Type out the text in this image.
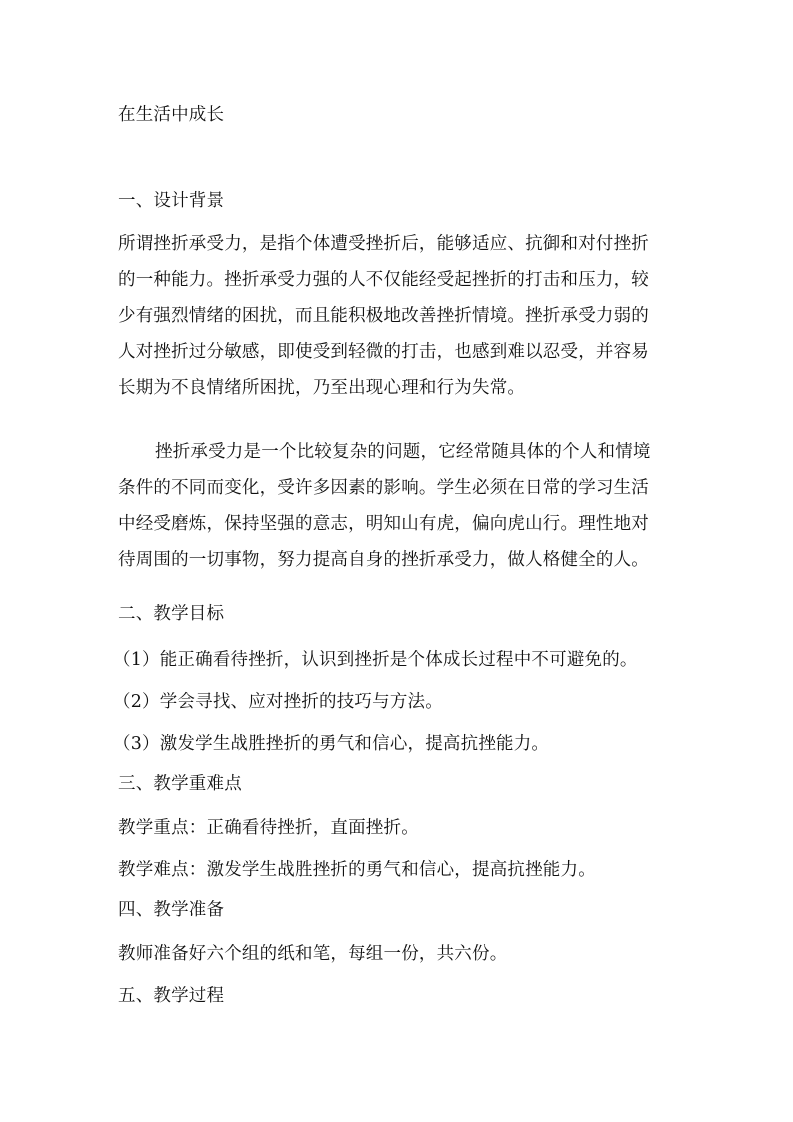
在生活中成长
一、设计背景
所谓挫折承受力，是指个体遭受挫折后，能够适应、抗御和对付挫折
的一种能力。挫折承受力强的人不仅能经受起挫折的打击和压力，较
少有强烈情绪的困扰，而且能积极地改善挫折情境。挫折承受力弱的
人对挫折过分敏感，即使受到轻微的打击，也感到难以忍受，并容易
长期为不良情绪所困扰，乃至出现心理和行为失常。
挫折承受力是一个比较复杂的问题，它经常随具体的个人和情境
条件的不同而变化，受许多因素的影响。学生必须在日常的学习生活
中经受磨炼，保持坚强的意志，明知山有虎，偏向虎山行。理性地对
待周围的一切事物，努力提高自身的挫折承受力，做人格健全的人。
二、教学目标
（1）能正确看待挫折，认识到挫折是个体成长过程中不可避免的。
（2）学会寻找、应对挫折的技巧与方法。
（3）激发学生战胜挫折的勇气和信心，提高抗挫能力。
三、教学重难点
教学重点：正确看待挫折，直面挫折。
教学难点：激发学生战胜挫折的勇气和信心，提高抗挫能力。
四、教学准备
教师准备好六个组的纸和笔，每组一份，共六份。
五、教学过程
